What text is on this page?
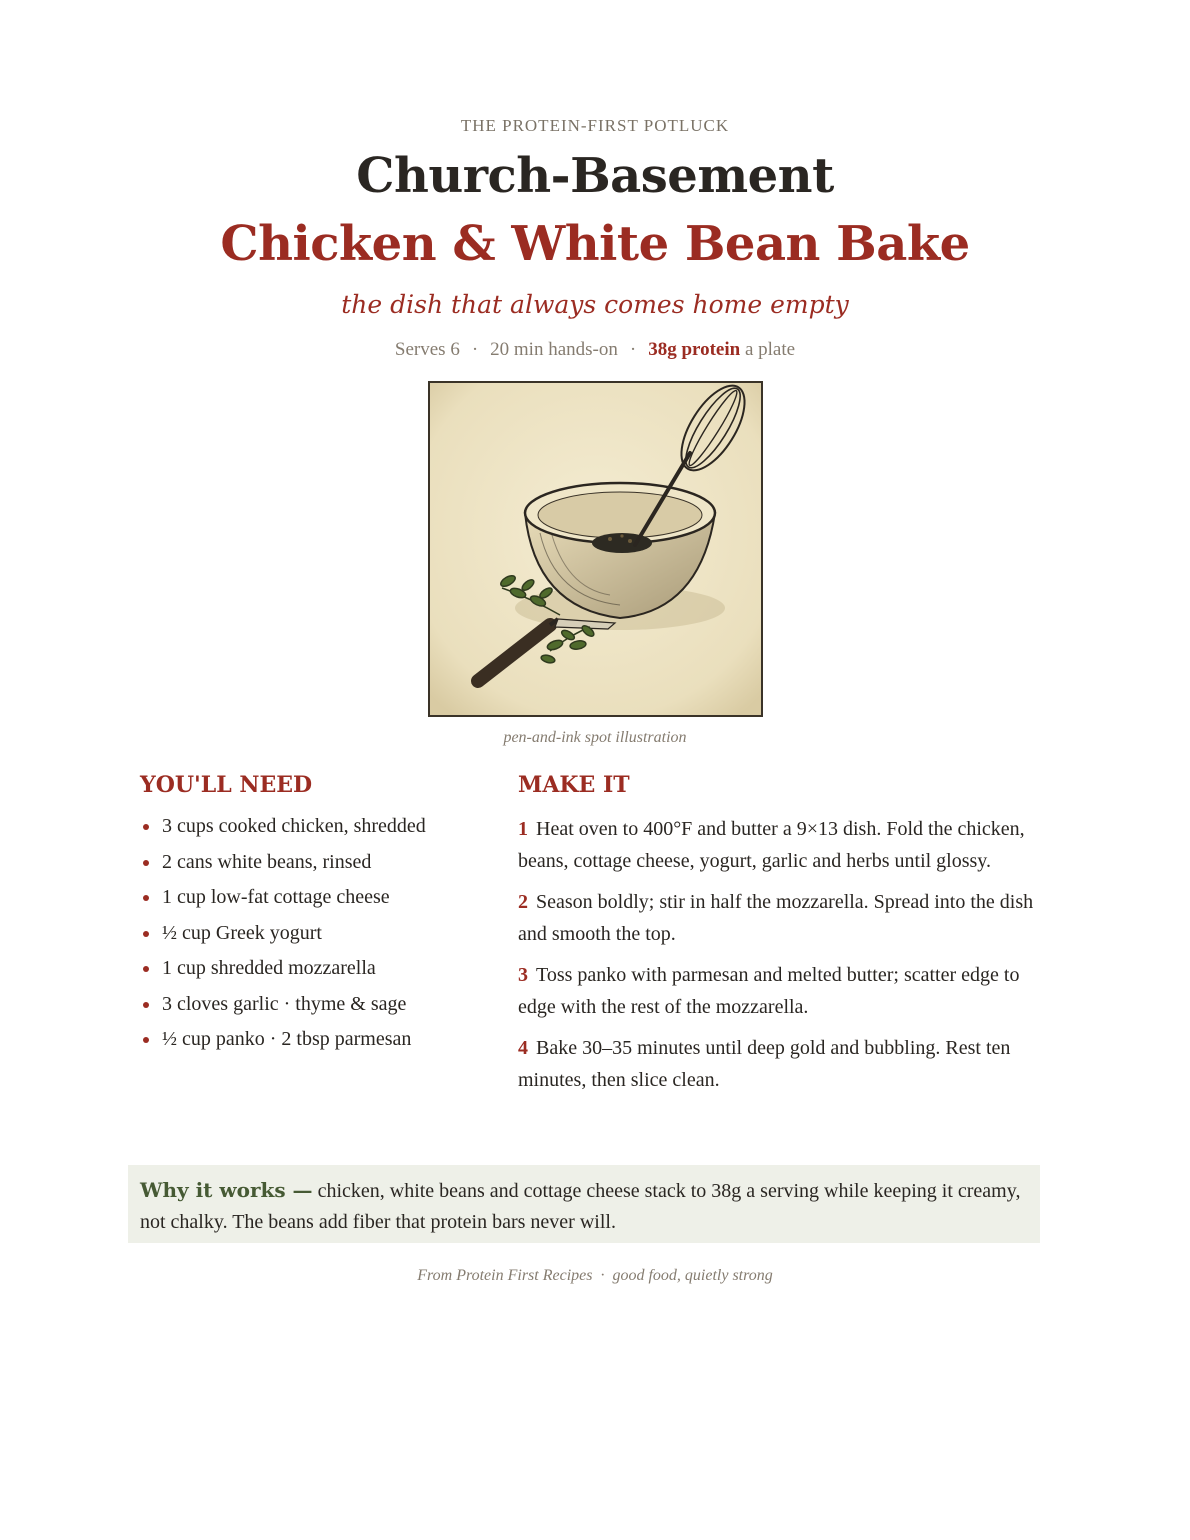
THE PROTEIN-FIRST POTLUCK
Church-Basement
Chicken & White Bean Bake
the dish that always comes home empty
Serves 6 · 20 min hands-on · 38g protein a plate
pen-and-ink spot illustration
YOU'LL NEED
3 cups cooked chicken, shredded
2 cans white beans, rinsed
1 cup low-fat cottage cheese
½ cup Greek yogurt
1 cup shredded mozzarella
3 cloves garlic · thyme & sage
½ cup panko · 2 tbsp parmesan
MAKE IT
1 Heat oven to 400°F and butter a 9×13 dish. Fold the chicken, beans, cottage cheese, yogurt, garlic and herbs until glossy.
2 Season boldly; stir in half the mozzarella. Spread into the dish and smooth the top.
3 Toss panko with parmesan and melted butter; scatter edge to edge with the rest of the mozzarella.
4 Bake 30–35 minutes until deep gold and bubbling. Rest ten minutes, then slice clean.
Why it works — chicken, white beans and cottage cheese stack to 38g a serving while keeping it creamy, not chalky. The beans add fiber that protein bars never will.
From Protein First Recipes · good food, quietly strong
